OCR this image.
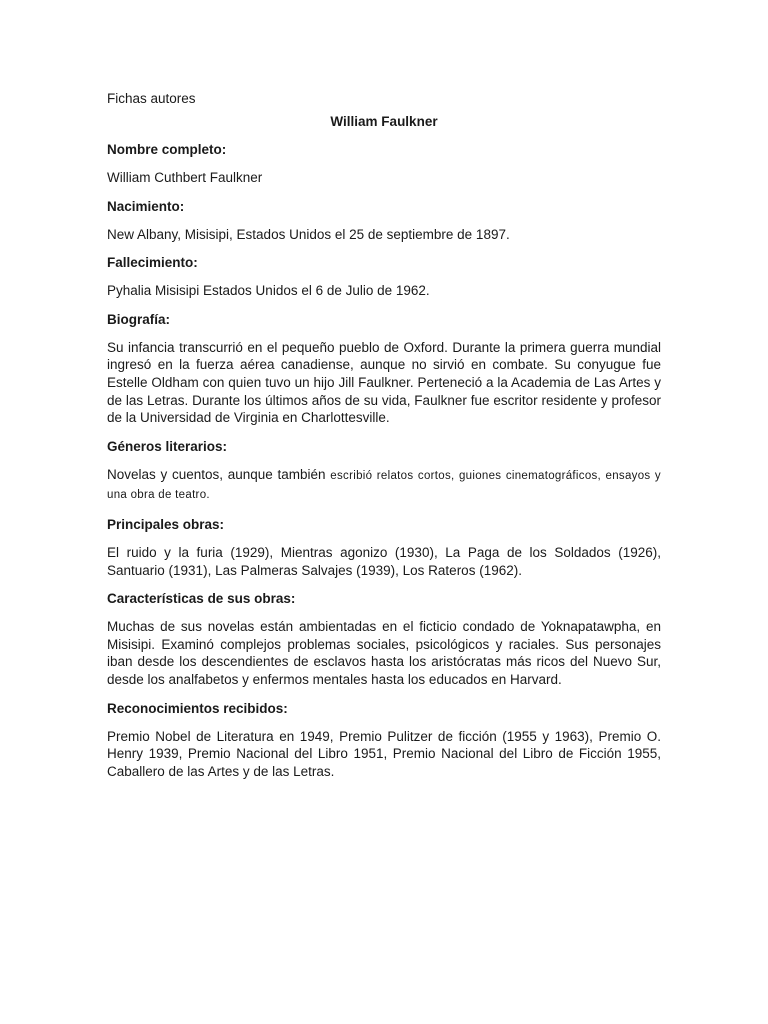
Fichas autores
William Faulkner
Nombre completo:
William Cuthbert Faulkner
Nacimiento:
New Albany, Misisipi, Estados Unidos el 25 de septiembre de 1897.
Fallecimiento:
Pyhalia Misisipi Estados Unidos el 6 de Julio de 1962.
Biografía:
Su infancia transcurrió en el pequeño pueblo de Oxford. Durante la primera guerra mundial ingresó en la fuerza aérea canadiense, aunque no sirvió en combate. Su conyugue fue Estelle Oldham con quien tuvo un hijo Jill Faulkner. Perteneció a la Academia de Las Artes y de las Letras. Durante los últimos años de su vida, Faulkner fue escritor residente y profesor de la Universidad de Virginia en Charlottesville.
Géneros literarios:
Novelas y cuentos, aunque también escribió relatos cortos, guiones cinematográficos, ensayos y una obra de teatro.
Principales obras:
El ruido y la furia (1929), Mientras agonizo (1930), La Paga de los Soldados (1926), Santuario (1931), Las Palmeras Salvajes (1939), Los Rateros (1962).
Características de sus obras:
Muchas de sus novelas están ambientadas en el ficticio condado de Yoknapatawpha, en Misisipi. Examinó complejos problemas sociales, psicológicos y raciales. Sus personajes iban desde los descendientes de esclavos hasta los aristócratas más ricos del Nuevo Sur, desde los analfabetos y enfermos mentales hasta los educados en Harvard.
Reconocimientos recibidos:
Premio Nobel de Literatura en 1949, Premio Pulitzer de ficción (1955 y 1963), Premio O. Henry 1939, Premio Nacional del Libro 1951, Premio Nacional del Libro de Ficción 1955, Caballero de las Artes y de las Letras.
